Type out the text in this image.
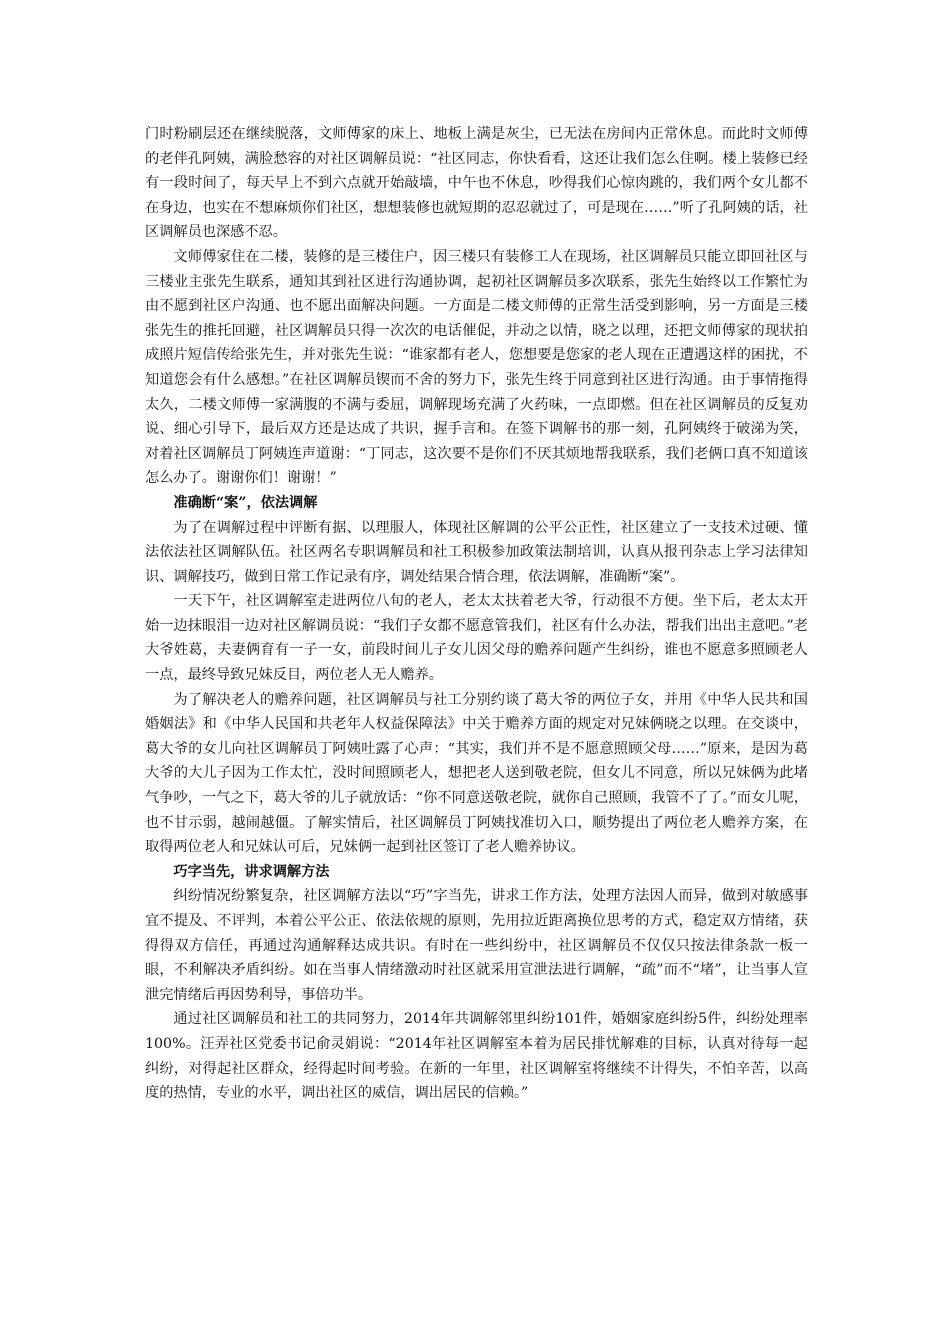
门时粉刷层还在继续脱落，文师傅家的床上、地板上满是灰尘，已无法在房间内正常休息。而此时文师傅的老伴孔阿姨，满脸愁容的对社区调解员说：“社区同志，你快看看，这还让我们怎么住啊。楼上装修已经有一段时间了，每天早上不到六点就开始敲墙，中午也不休息，吵得我们心惊肉跳的，我们两个女儿都不在身边，也实在不想麻烦你们社区，想想装修也就短期的忍忍就过了，可是现在……”听了孔阿姨的话，社区调解员也深感不忍。

文师傅家住在二楼，装修的是三楼住户，因三楼只有装修工人在现场，社区调解员只能立即回社区与三楼业主张先生联系，通知其到社区进行沟通协调，起初社区调解员多次联系，张先生始终以工作繁忙为由不愿到社区户沟通、也不愿出面解决问题。一方面是二楼文师傅的正常生活受到影响，另一方面是三楼张先生的推托回避，社区调解员只得一次次的电话催促，并动之以情，晓之以理，还把文师傅家的现状拍成照片短信传给张先生，并对张先生说：“谁家都有老人，您想要是您家的老人现在正遭遇这样的困扰，不知道您会有什么感想。”在社区调解员锲而不舍的努力下，张先生终于同意到社区进行沟通。由于事情拖得太久，二楼文师傅一家满腹的不满与委屈，调解现场充满了火药味，一点即燃。但在社区调解员的反复劝说、细心引导下，最后双方还是达成了共识，握手言和。在签下调解书的那一刻，孔阿姨终于破涕为笑，对着社区调解员丁阿姨连声道谢：“丁同志，这次要不是你们不厌其烦地帮我联系，我们老俩口真不知道该怎么办了。谢谢你们！谢谢！”

准确断“案”，依法调解

为了在调解过程中评断有据、以理服人，体现社区解调的公平公正性，社区建立了一支技术过硬、懂法依法社区调解队伍。社区两名专职调解员和社工积极参加政策法制培训，认真从报刊杂志上学习法律知识、调解技巧，做到日常工作记录有序，调处结果合情合理，依法调解，准确断“案”。

一天下午，社区调解室走进两位八旬的老人，老太太扶着老大爷，行动很不方便。坐下后，老太太开始一边抹眼泪一边对社区解调员说：“我们子女都不愿意管我们，社区有什么办法，帮我们出出主意吧。”老大爷姓葛，夫妻俩育有一子一女，前段时间儿子女儿因父母的赡养问题产生纠纷，谁也不愿意多照顾老人一点，最终导致兄妹反目，两位老人无人赡养。

为了解决老人的赡养问题，社区调解员与社工分别约谈了葛大爷的两位子女，并用《中华人民共和国婚姻法》和《中华人民国和共老年人权益保障法》中关于赡养方面的规定对兄妹俩晓之以理。在交谈中，葛大爷的女儿向社区调解员丁阿姨吐露了心声：“其实，我们并不是不愿意照顾父母……”原来，是因为葛大爷的大儿子因为工作太忙，没时间照顾老人，想把老人送到敬老院，但女儿不同意，所以兄妹俩为此堵气争吵，一气之下，葛大爷的儿子就放话：“你不同意送敬老院，就你自己照顾，我管不了了。”而女儿呢，也不甘示弱，越闹越僵。了解实情后，社区调解员丁阿姨找准切入口，顺势提出了两位老人赡养方案，在取得两位老人和兄妹认可后，兄妹俩一起到社区签订了老人赡养协议。

巧字当先，讲求调解方法

纠纷情况纷繁复杂，社区调解方法以“巧”字当先，讲求工作方法，处理方法因人而异，做到对敏感事宜不提及、不评判，本着公平公正、依法依规的原则，先用拉近距离换位思考的方式，稳定双方情绪，获得得双方信任，再通过沟通解释达成共识。有时在一些纠纷中，社区调解员不仅仅只按法律条款一板一眼，不利解决矛盾纠纷。如在当事人情绪激动时社区就采用宣泄法进行调解，“疏”而不“堵”，让当事人宣泄完情绪后再因势利导，事倍功半。

通过社区调解员和社工的共同努力，2014年共调解邻里纠纷101件，婚姻家庭纠纷5件，纠纷处理率100%。汪弄社区党委书记俞灵娟说：“2014年社区调解室本着为居民排忧解难的目标，认真对待每一起纠纷，对得起社区群众，经得起时间考验。在新的一年里，社区调解室将继续不计得失，不怕辛苦，以高度的热情，专业的水平，调出社区的威信，调出居民的信赖。”
